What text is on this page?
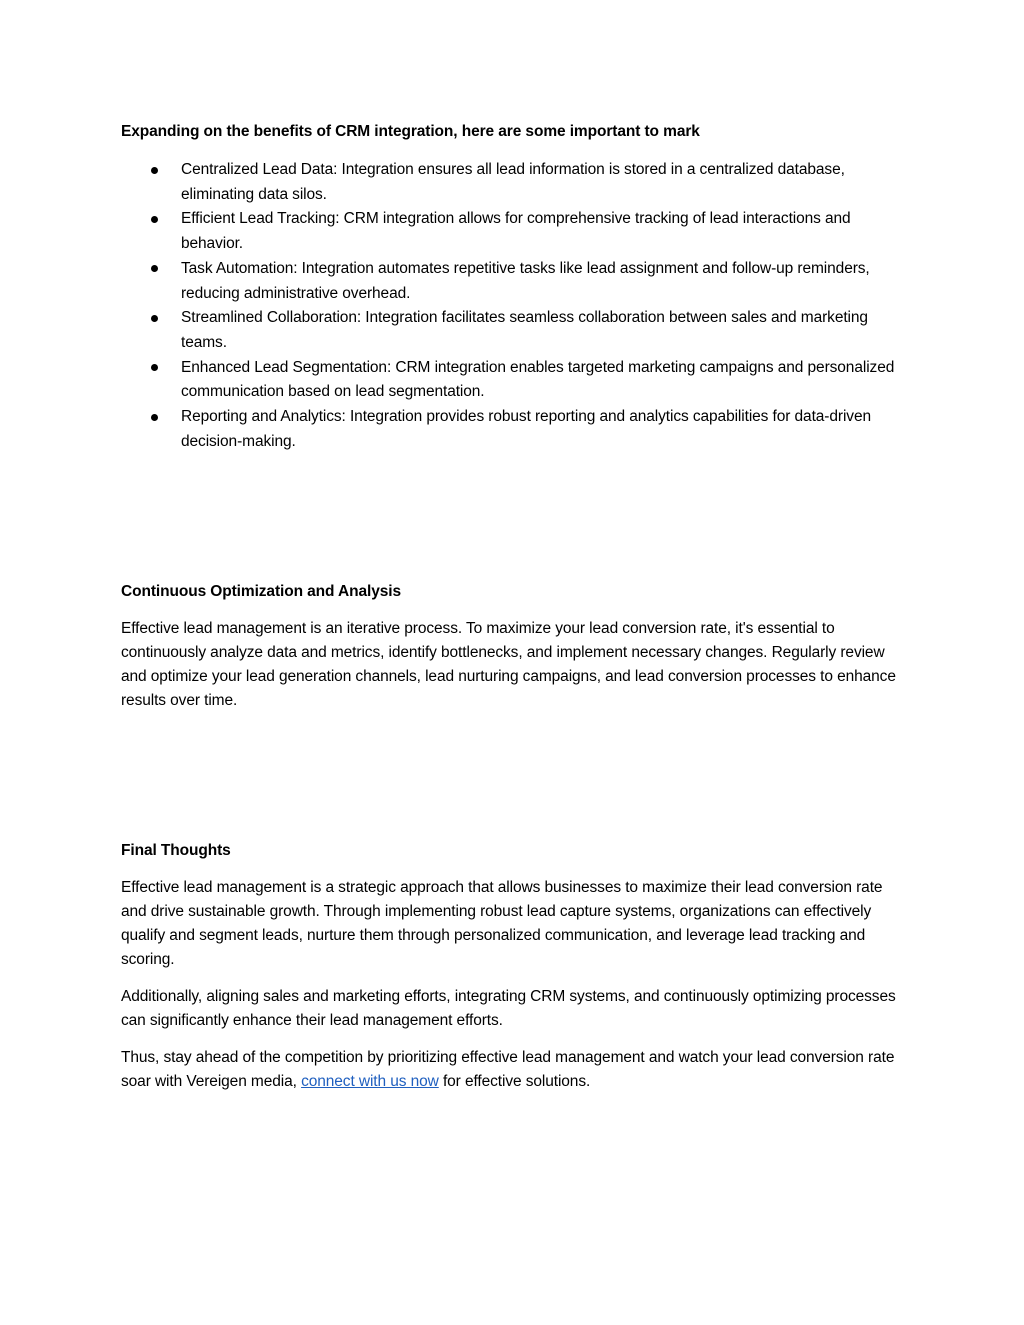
Expanding on the benefits of CRM integration, here are some important to mark

Centralized Lead Data: Integration ensures all lead information is stored in a centralized database, eliminating data silos.
Efficient Lead Tracking: CRM integration allows for comprehensive tracking of lead interactions and behavior.
Task Automation: Integration automates repetitive tasks like lead assignment and follow-up reminders, reducing administrative overhead.
Streamlined Collaboration: Integration facilitates seamless collaboration between sales and marketing teams.
Enhanced Lead Segmentation: CRM integration enables targeted marketing campaigns and personalized communication based on lead segmentation.
Reporting and Analytics: Integration provides robust reporting and analytics capabilities for data-driven decision-making.

Continuous Optimization and Analysis

Effective lead management is an iterative process. To maximize your lead conversion rate, it's essential to continuously analyze data and metrics, identify bottlenecks, and implement necessary changes. Regularly review and optimize your lead generation channels, lead nurturing campaigns, and lead conversion processes to enhance results over time.

Final Thoughts

Effective lead management is a strategic approach that allows businesses to maximize their lead conversion rate and drive sustainable growth. Through implementing robust lead capture systems, organizations can effectively qualify and segment leads, nurture them through personalized communication, and leverage lead tracking and scoring.

Additionally, aligning sales and marketing efforts, integrating CRM systems, and continuously optimizing processes can significantly enhance their lead management efforts.

Thus, stay ahead of the competition by prioritizing effective lead management and watch your lead conversion rate soar with Vereigen media, connect with us now for effective solutions.
